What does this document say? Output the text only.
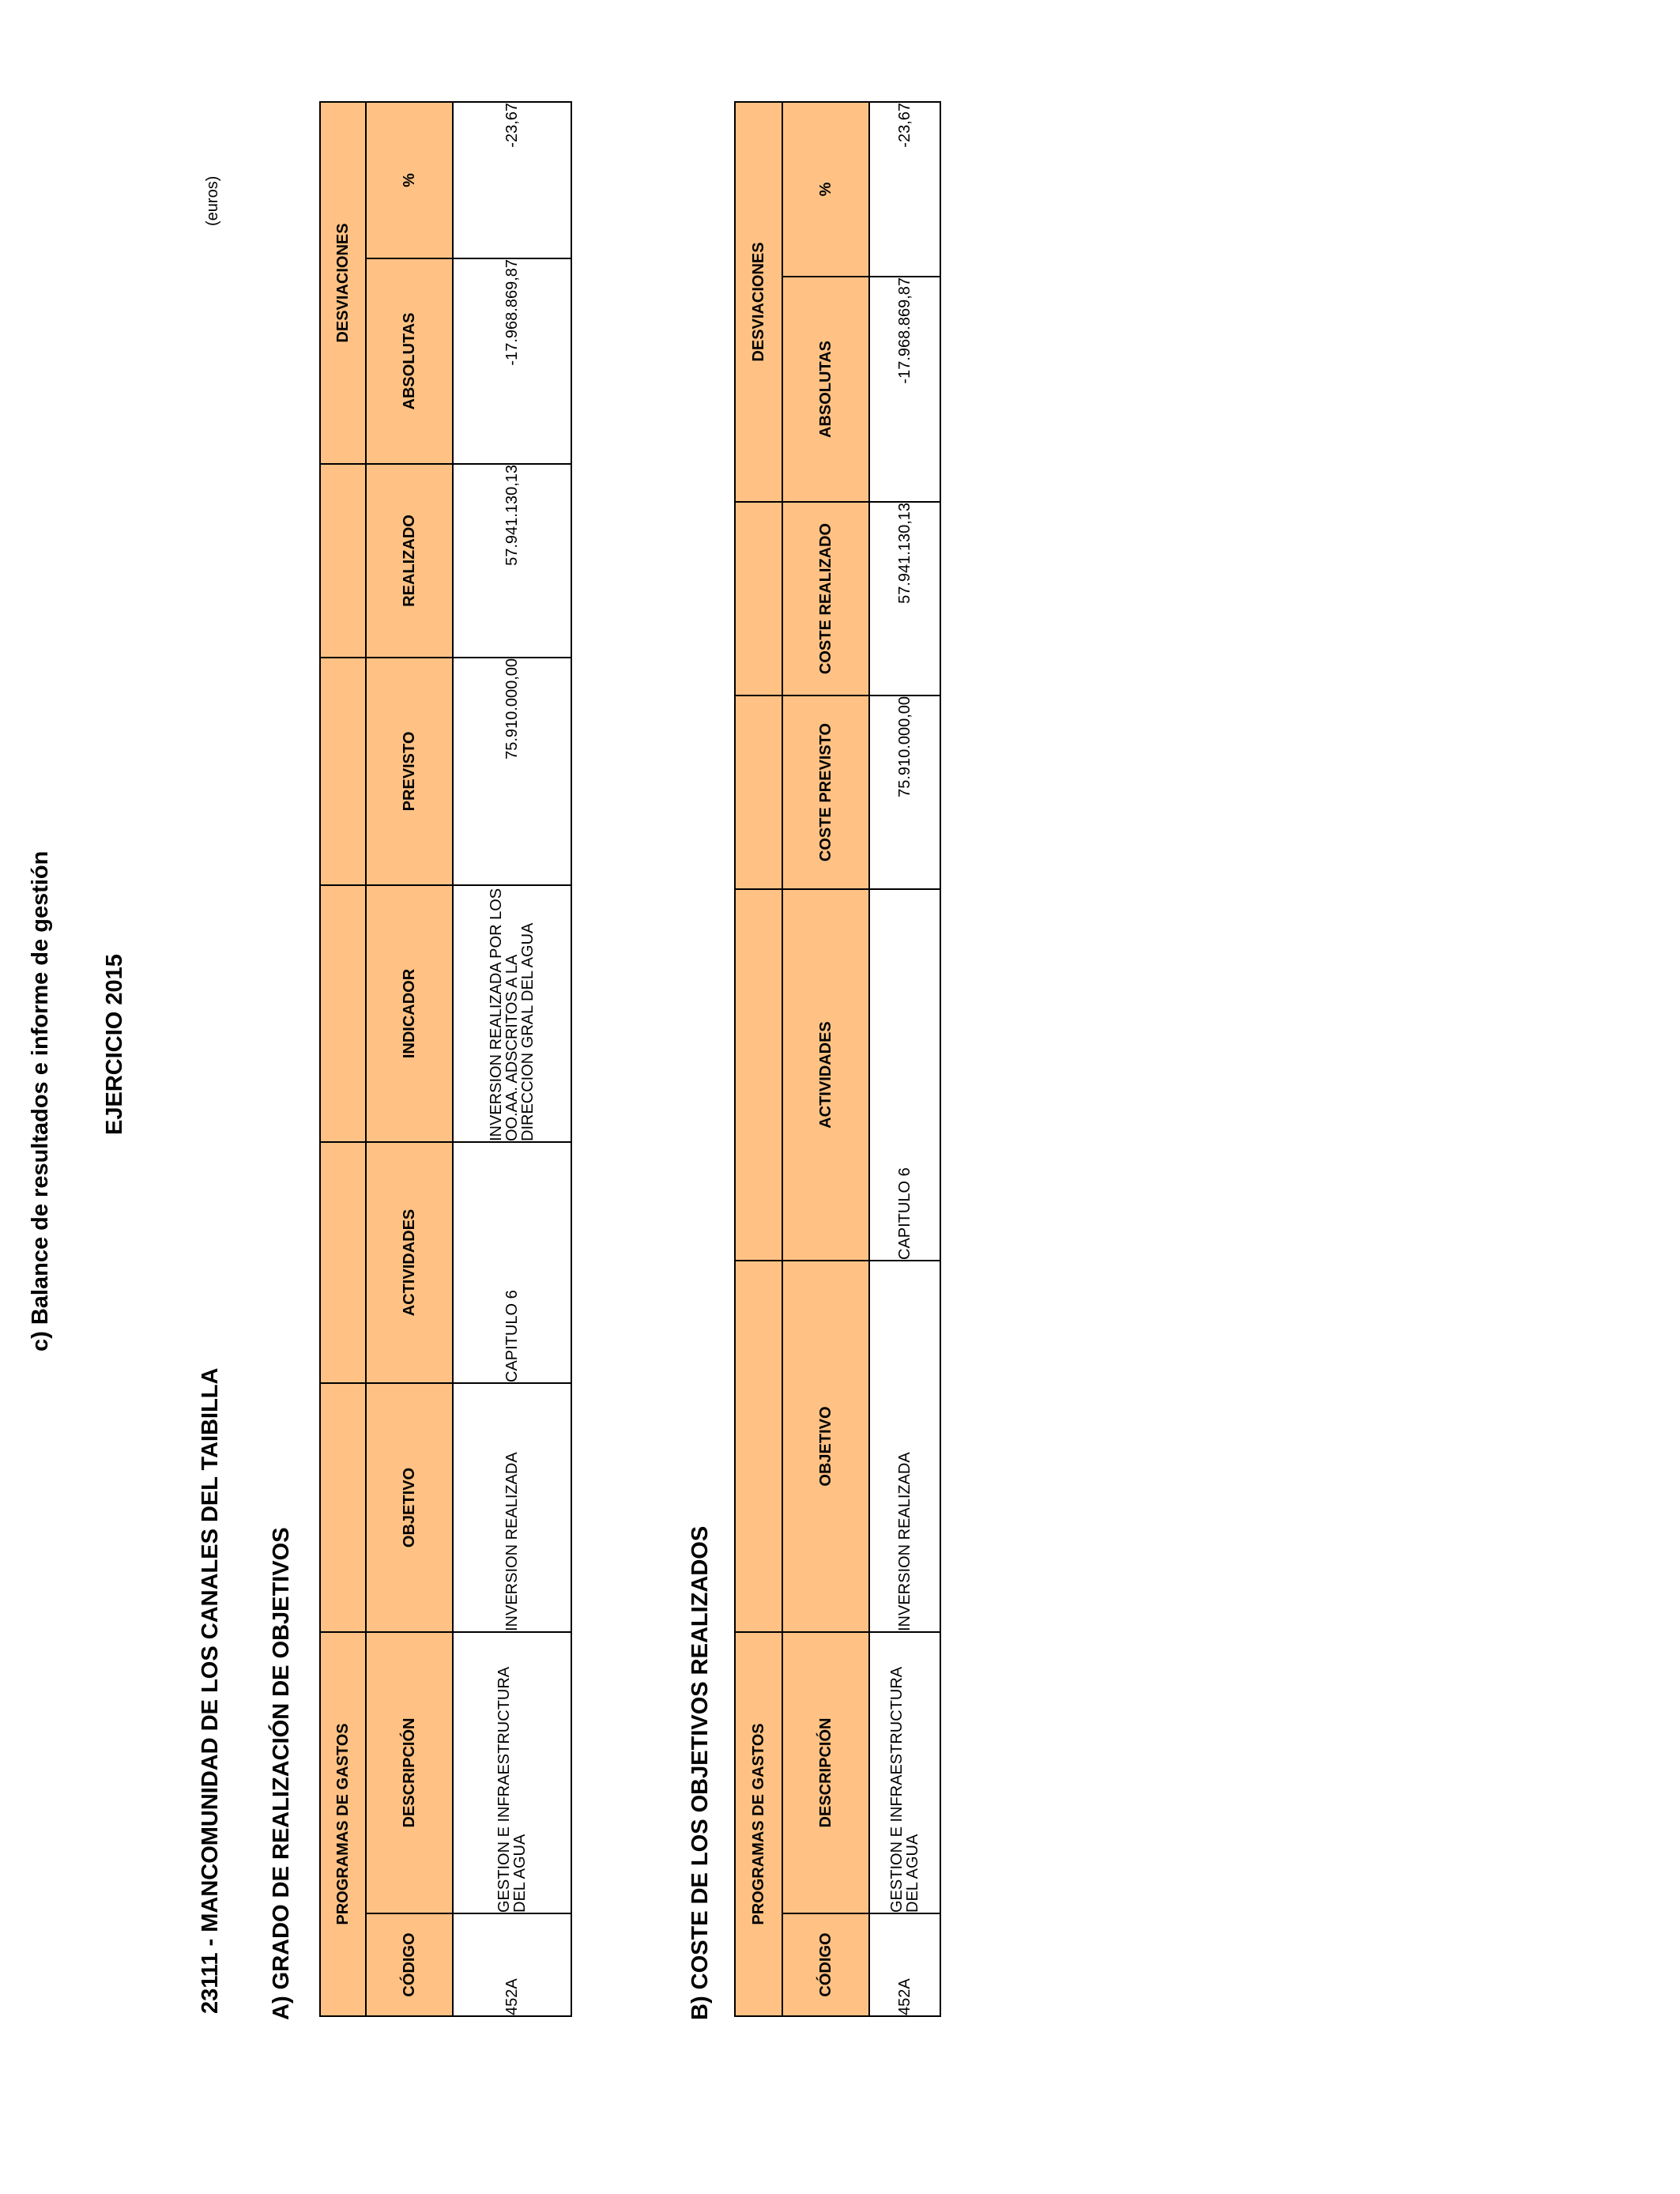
c) Balance de resultados e informe de gestión EJERCICIO 2015
23111 - MANCOMUNIDAD DE LOS CANALES DEL TAIBILLA
(euros)
A) GRADO DE REALIZACIÓN DE OBJETIVOS	PROGRAMAS DE GASTOS							DESVIACIONES	
CÓDIGO	DESCRIPCIÓN	OBJETIVO	ACTIVIDADES	INDICADOR	PREVISTO	REALIZADO	ABSOLUTAS	%
452A	GESTION E INFRAESTRUCTURA DEL AGUA	INVERSION REALIZADA	CAPITULO 6	INVERSION REALIZADA POR LOS OO.AA. ADSCRITOS A LA DIRECCION GRAL DEL AGUA	75.910.000,00	57.941.130,13	-17.968.869,87	-23,67
B) COSTE DE LOS OBJETIVOS REALIZADOS PROGRAMAS DE GASTOS						DESVIACIONES	
CÓDIGO	DESCRIPCIÓN	OBJETIVO	ACTIVIDADES	COSTE PREVISTO	COSTE REALIZADO	ABSOLUTAS	%
452A	GESTION E INFRAESTRUCTURA DEL AGUA	INVERSION REALIZADA	CAPITULO 6	75.910.000,00	57.941.130,13	-17.968.869,87	-23,67
